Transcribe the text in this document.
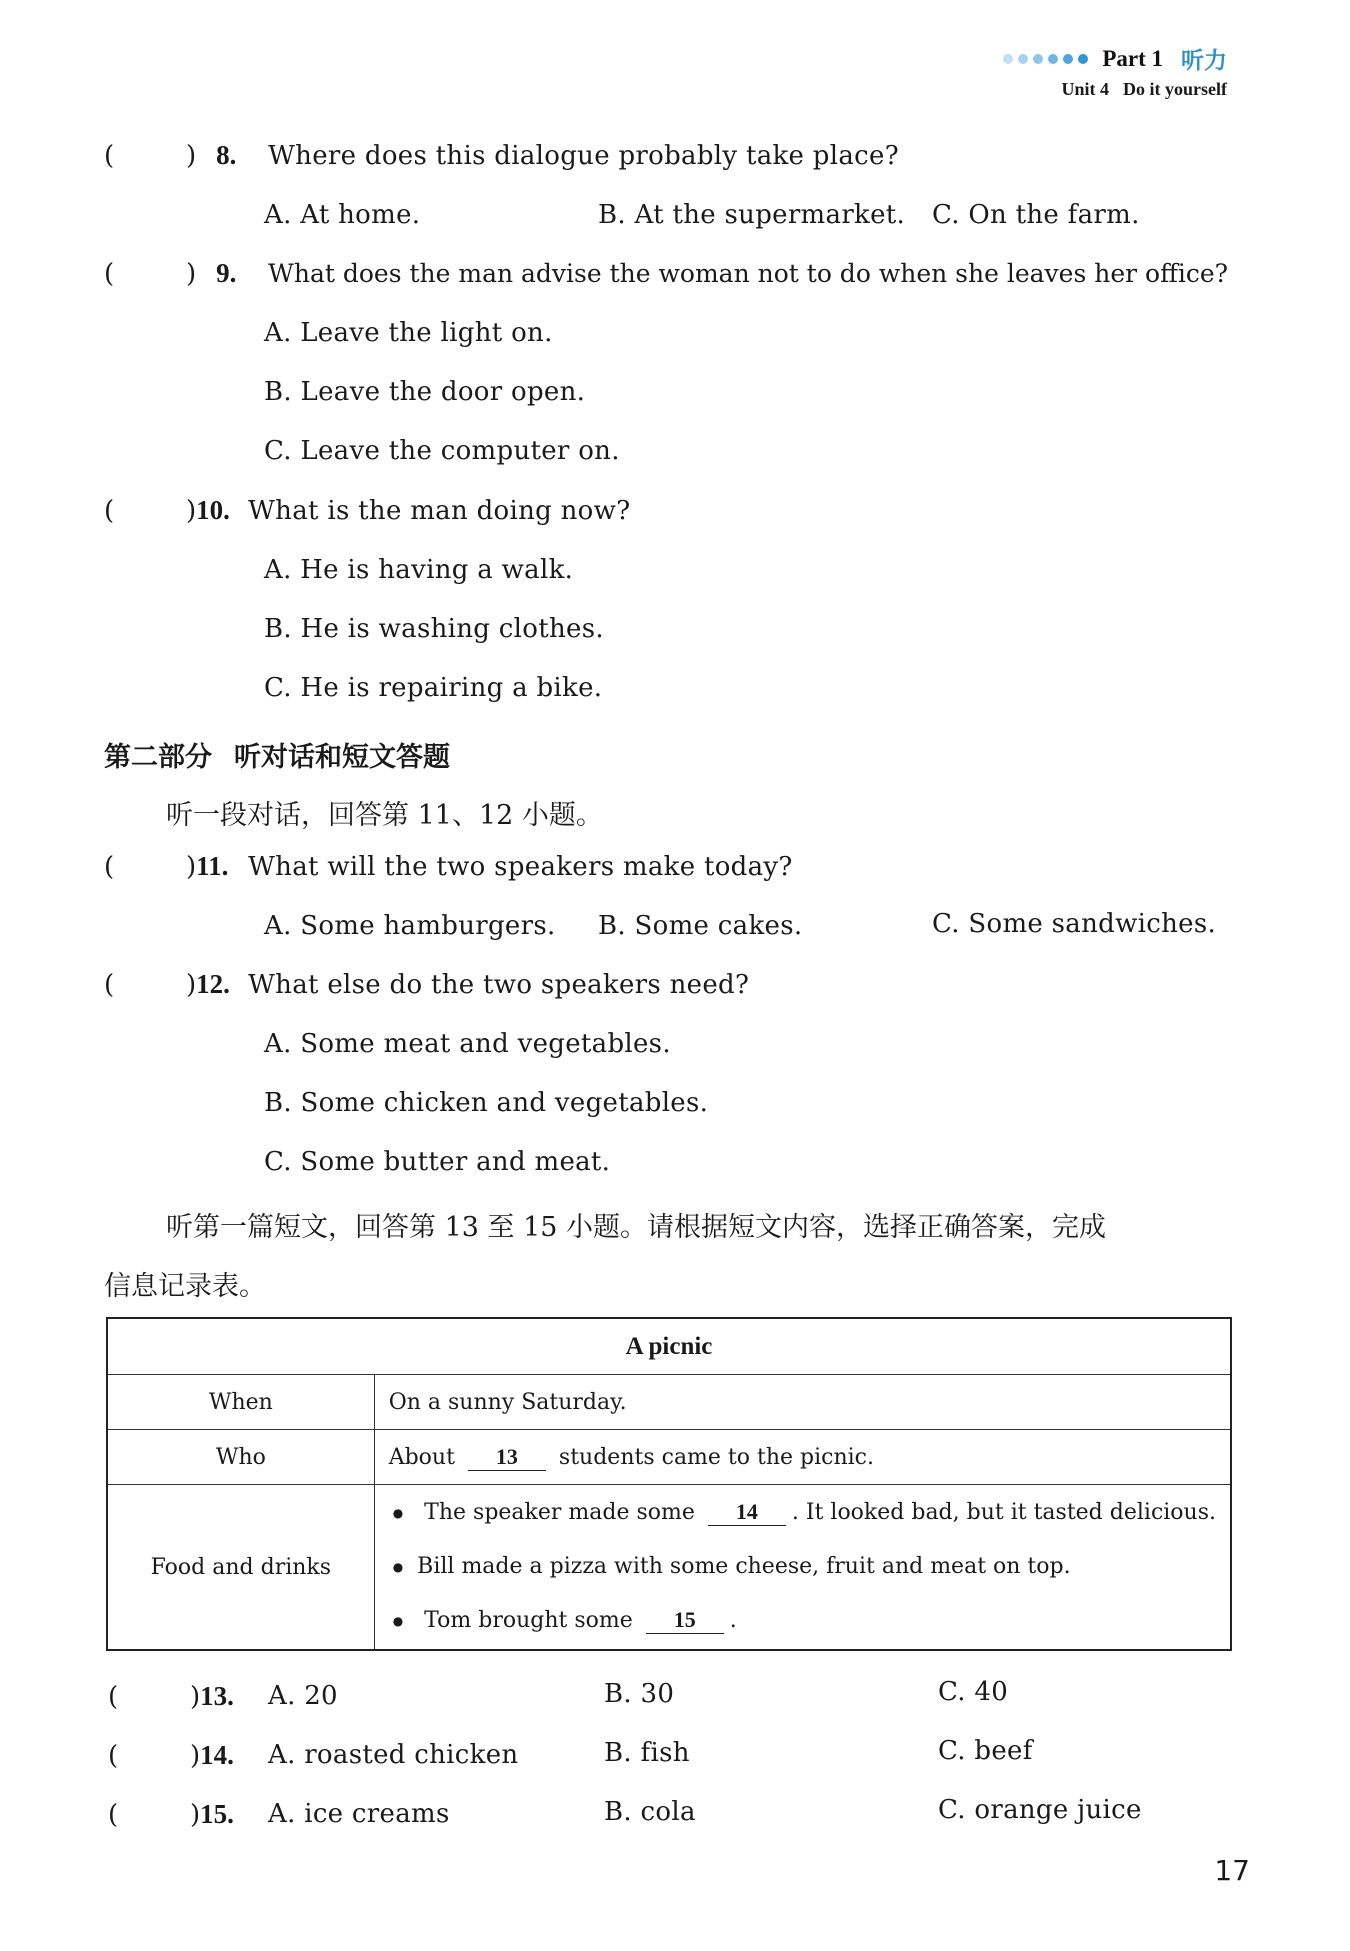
Part 1 听力
Unit 4 Do it yourself
(	) 8.	Where does this dialogue probably take place?
A. At home.	B. At the supermarket. C. On the farm.
(	) 9.	What does the man advise the woman not to do when she leaves her office?
A. Leave the light on.
B. Leave the door open.
C. Leave the computer on.
(	) 10. What is the man doing now?
A. He is having a walk.
B. He is washing clothes.
C. He is repairing a bike.
第二部分 听对话和短文答题
听一段对话，回答第 11、12 小题。
(	) 11. What will the two speakers make today?
A. Some hamburgers. B. Some cakes.	C. Some sandwiches.
(	) 12. What else do the two speakers need?
A. Some meat and vegetables.
B. Some chicken and vegetables.
C. Some butter and meat.
听第一篇短文，回答第 13 至 15 小题。请根据短文内容，选择正确答案，完成
信息记录表。
A picnic	
When	On a sunny Saturday.
Who	About 13 students came to the picnic.
Food and drinks	● The speaker made some 14 . It looked bad, but it tasted delicious.
● Bill made a pizza with some cheese, fruit and meat on top.
● Tom brought some 15 .
(	) 13.	A. 20	B. 30	C. 40
(	) 14.	A. roasted chicken	B. fish	C. beef
(	) 15.	A. ice creams	B. cola	C. orange juice
17
